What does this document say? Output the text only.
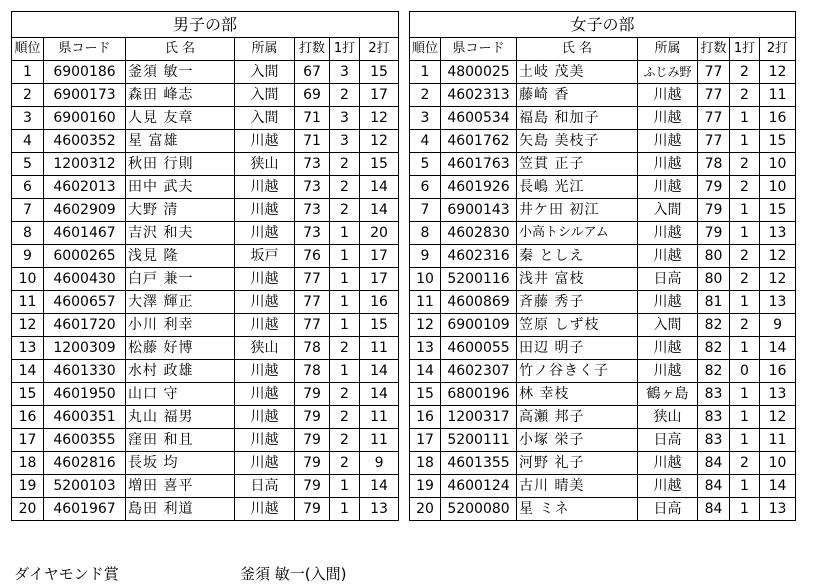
男子の部						
順位	県コード	氏 名	所属	打数	1打	2打
1	6900186	釜須 敏一	入間	67	3	15
2	6900173	森田 峰志	入間	69	2	17
3	6900160	人見 友章	入間	71	3	12
4	4600352	星 富雄	川越	71	3	12
5	1200312	秋田 行則	狭山	73	2	15
6	4602013	田中 武夫	川越	73	2	14
7	4602909	大野 清	川越	73	2	14
8	4601467	吉沢 和夫	川越	73	1	20
9	6000265	浅見 隆	坂戸	76	1	17
10	4600430	白戸 兼一	川越	77	1	17
11	4600657	大澤 輝正	川越	77	1	16
12	4601720	小川 利幸	川越	77	1	15
13	1200309	松藤 好博	狭山	78	2	11
14	4601330	水村 政雄	川越	78	1	14
15	4601950	山口 守	川越	79	2	14
16	4600351	丸山 福男	川越	79	2	11
17	4600355	窪田 和且	川越	79	2	11
18	4602816	長坂 均	川越	79	2	9
19	5200103	増田 喜平	日高	79	1	14
20	4601967	島田 利道	川越	79	1	13
女子の部						
順位	県コード	氏 名	所属	打数	1打	2打
1	4800025	土岐 茂美	ふじみ野	77	2	12
2	4602313	藤崎 香	川越	77	2	11
3	4600534	福島 和加子	川越	77	1	16
4	4601762	矢島 美枝子	川越	77	1	15
5	4601763	笠貫 正子	川越	78	2	10
6	4601926	長嶋 光江	川越	79	2	10
7	6900143	井ケ田 初江	入間	79	1	15
8	4602830	小高トシルアム	川越	79	1	13
9	4602316	秦 としえ	川越	80	2	12
10	5200116	浅井 富枝	日高	80	2	12
11	4600869	斉藤 秀子	川越	81	1	13
12	6900109	笠原 しず枝	入間	82	2	9
13	4600055	田辺 明子	川越	82	1	14
14	4602307	竹ノ谷きく子	川越	82	0	16
15	6800196	林 幸枝	鶴ヶ島	83	1	13
16	1200317	高瀬 邦子	狭山	83	1	12
17	5200111	小塚 栄子	日高	83	1	11
18	4601355	河野 礼子	川越	84	2	10
19	4600124	古川 晴美	川越	84	1	14
20	5200080	星 ミネ	日高	84	1	13
ダイヤモンド賞	釜須 敏一(入間)
